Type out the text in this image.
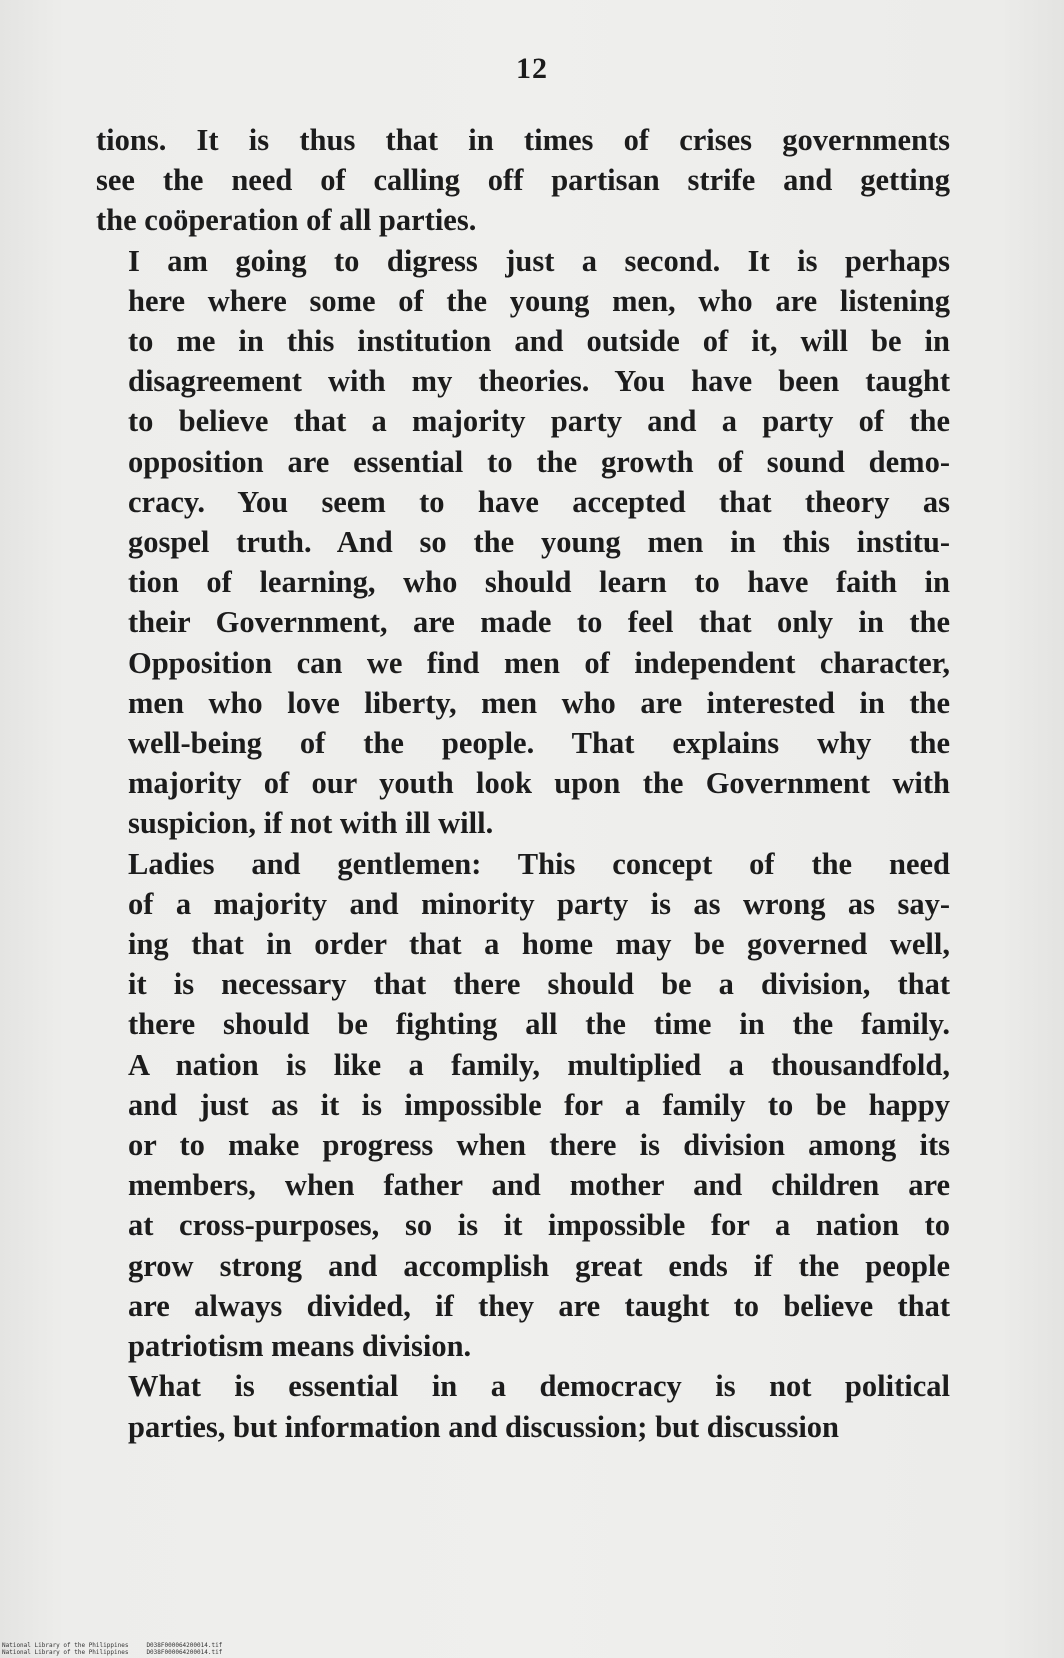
12
tions. It is thus that in times of crises governments
see the need of calling off partisan strife and getting
the coöperation of all parties.
I am going to digress just a second. It is perhaps
here where some of the young men, who are listening
to me in this institution and outside of it, will be in
disagreement with my theories. You have been taught
to believe that a majority party and a party of the
opposition are essential to the growth of sound demo-
cracy. You seem to have accepted that theory as
gospel truth. And so the young men in this institu-
tion of learning, who should learn to have faith in
their Government, are made to feel that only in the
Opposition can we find men of independent character,
men who love liberty, men who are interested in the
well-being of the people. That explains why the
majority of our youth look upon the Government with
suspicion, if not with ill will.
Ladies and gentlemen: This concept of the need
of a majority and minority party is as wrong as say-
ing that in order that a home may be governed well,
it is necessary that there should be a division, that
there should be fighting all the time in the family.
A nation is like a family, multiplied a thousandfold,
and just as it is impossible for a family to be happy
or to make progress when there is division among its
members, when father and mother and children are
at cross-purposes, so is it impossible for a nation to
grow strong and accomplish great ends if the people
are always divided, if they are taught to believe that
patriotism means division.
What is essential in a democracy is not political
parties, but information and discussion; but discussion
National Library of the Philippines	D038F000064200014.tif
National Library of the Philippines	D038F000064200014.tif
